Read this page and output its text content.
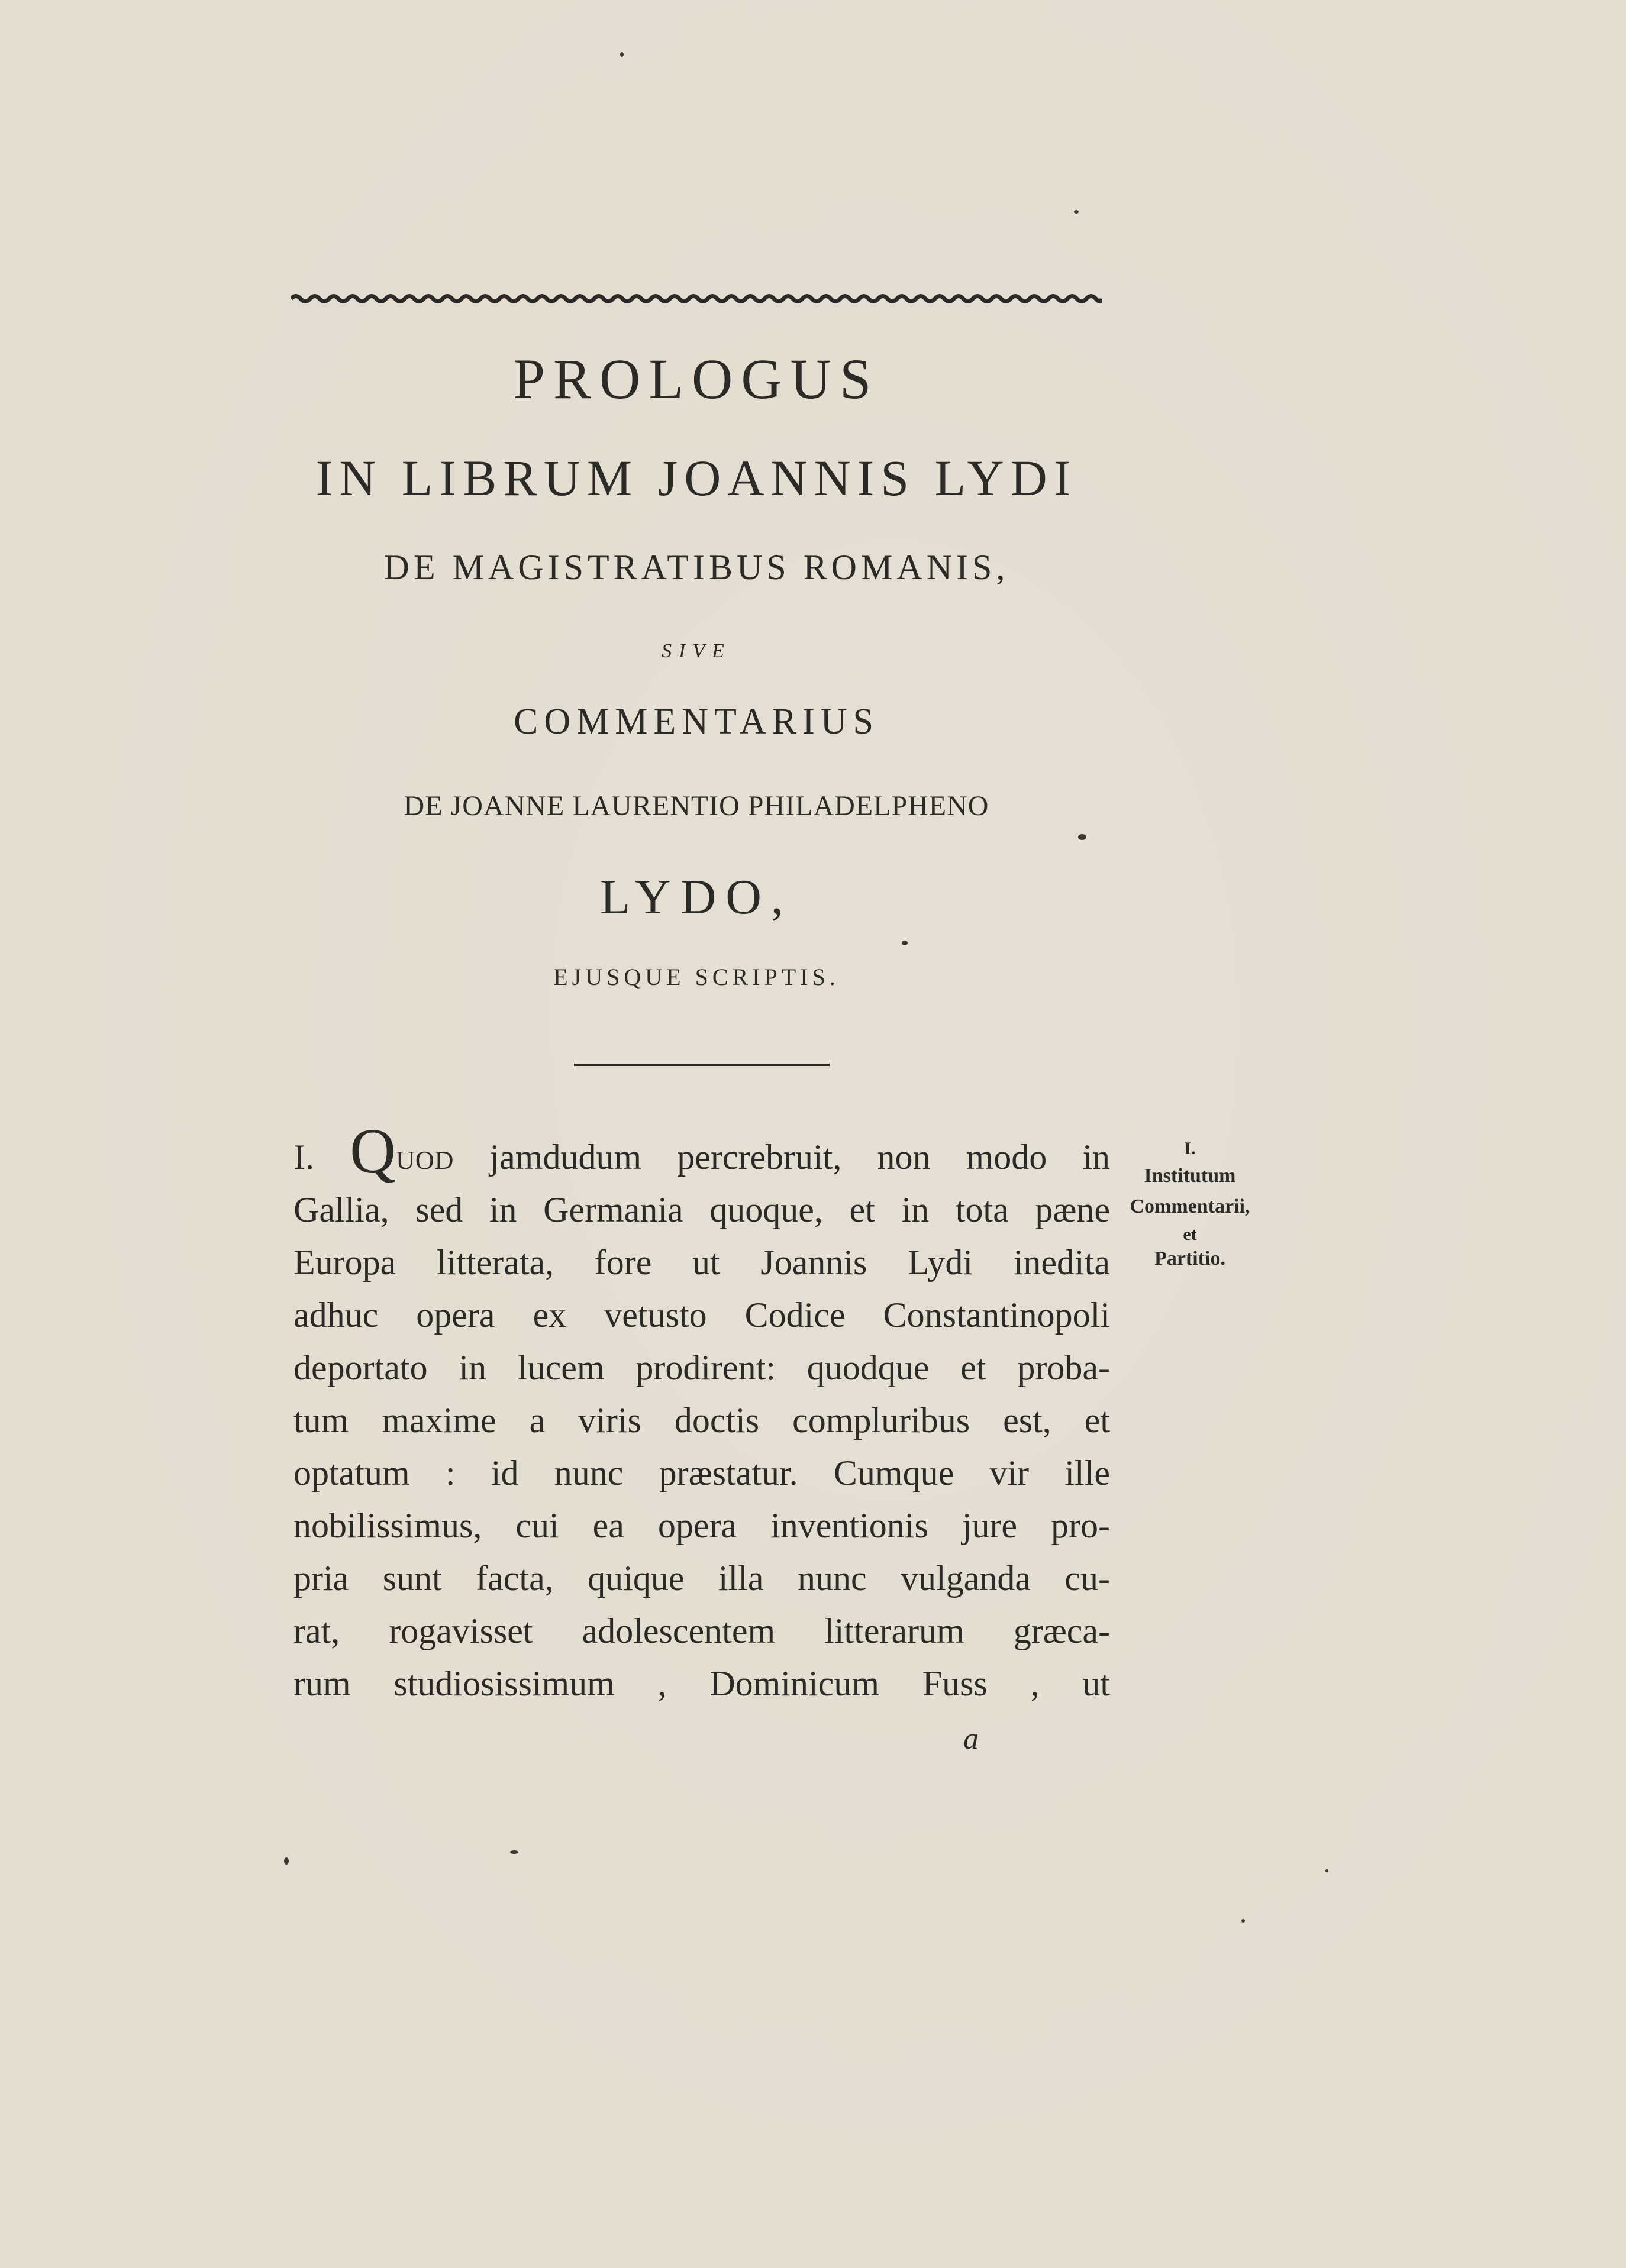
PROLOGUS
IN LIBRUM JOANNIS LYDI
DE MAGISTRATIBUS ROMANIS,
SIVE
COMMENTARIUS
DE JOANNE LAURENTIO PHILADELPHENO
LYDO,
EJUSQUE SCRIPTIS.
I. QUOD jamdudum percrebruit, non modo in
Gallia, sed in Germania quoque, et in tota pæne
Europa litterata, fore ut Joannis Lydi inedita
adhuc opera ex vetusto Codice Constantinopoli
deportato in lucem prodirent: quodque et proba-
tum maxime a viris doctis compluribus est, et
optatum : id nunc præstatur. Cumque vir ille
nobilissimus, cui ea opera inventionis jure pro-
pria sunt facta, quique illa nunc vulganda cu-
rat, rogavisset adolescentem litterarum græca-
rum studiosissimum , Dominicum Fuss , ut
I.
Institutum
Commentarii,
et
Partitio.
a
